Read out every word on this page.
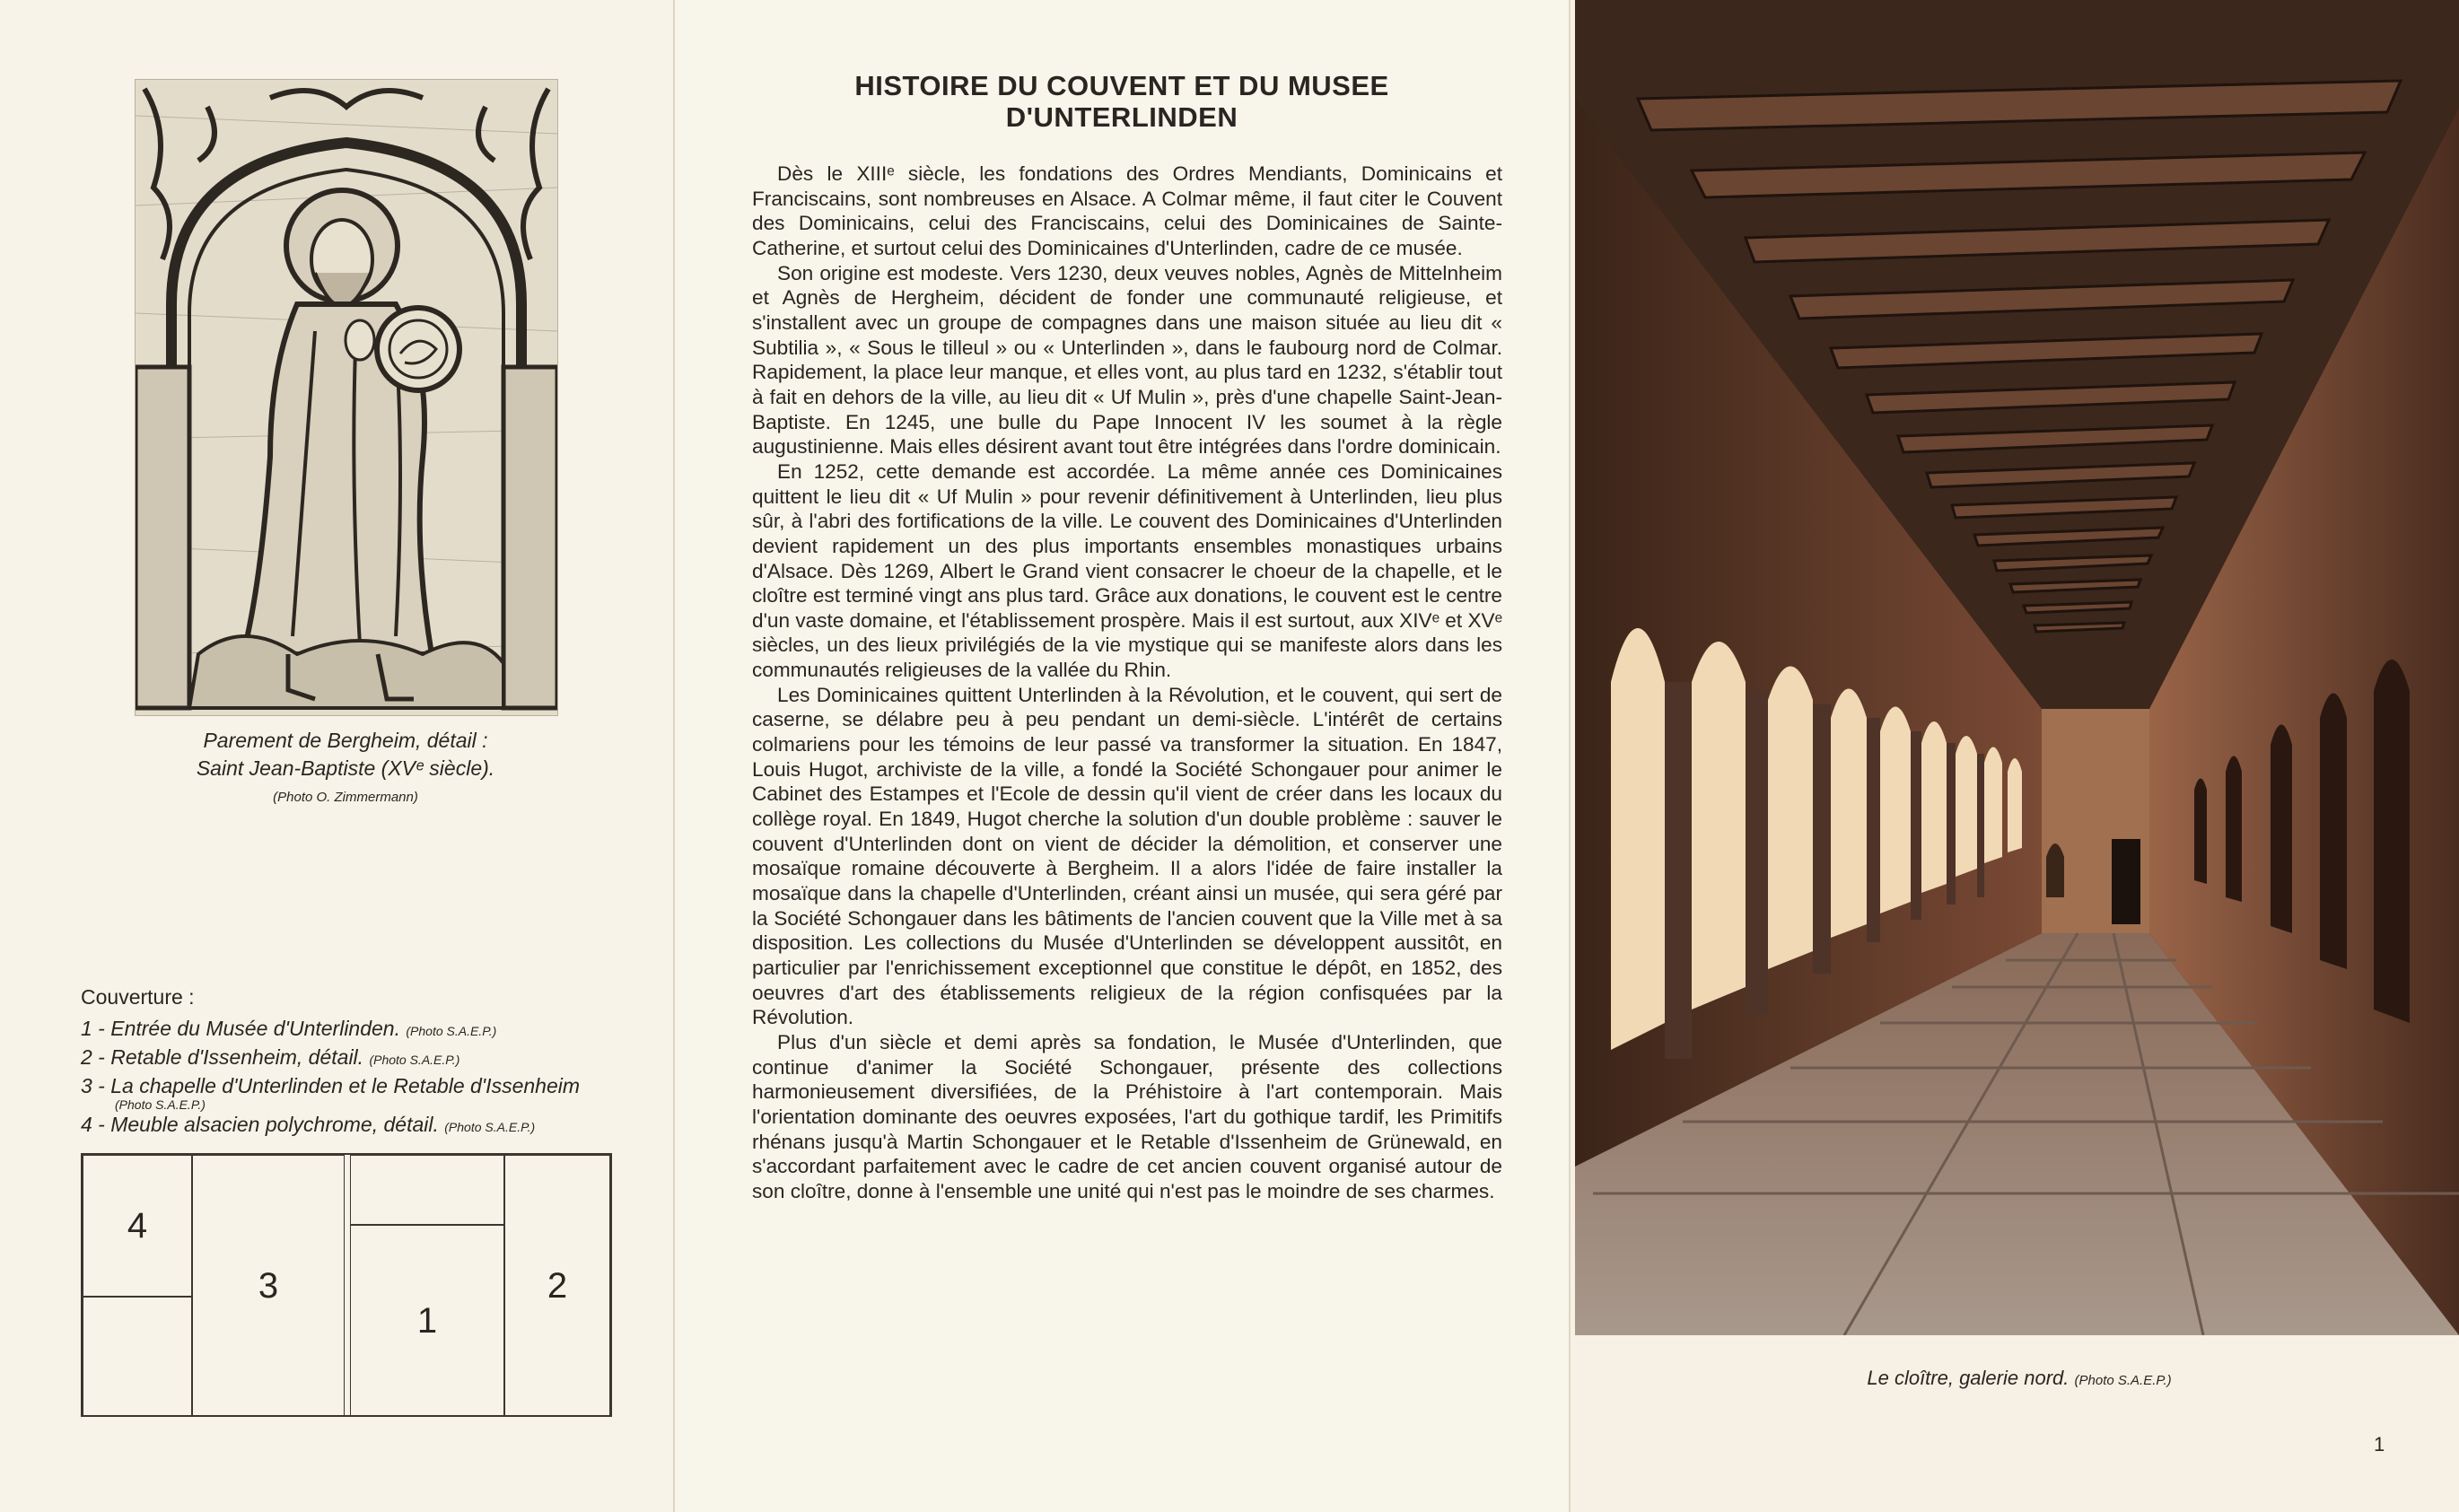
Parement de Bergheim, détail :
Saint Jean-Baptiste (XVᵉ siècle).
(Photo O. Zimmermann)
Couverture :
1 - Entrée du Musée d'Unterlinden. (Photo S.A.E.P.)
2 - Retable d'Issenheim, détail. (Photo S.A.E.P.)
3 - La chapelle d'Unterlinden et le Retable d'Issenheim
(Photo S.A.E.P.)
4 - Meuble alsacien polychrome, détail. (Photo S.A.E.P.)
4
3
1
2
HISTOIRE DU COUVENT ET DU MUSEE
D'UNTERLINDEN

Dès le XIIIᵉ siècle, les fondations des Ordres Mendiants, Dominicains et Franciscains, sont nombreuses en Alsace. A Colmar même, il faut citer le Couvent des Dominicains, celui des Franciscains, celui des Dominicaines de Sainte-Catherine, et surtout celui des Dominicaines d'Unterlinden, cadre de ce musée.

Son origine est modeste. Vers 1230, deux veuves nobles, Agnès de Mittelnheim et Agnès de Hergheim, décident de fonder une communauté religieuse, et s'installent avec un groupe de compagnes dans une maison située au lieu dit « Subtilia », « Sous le tilleul » ou « Unterlinden », dans le faubourg nord de Colmar. Rapidement, la place leur manque, et elles vont, au plus tard en 1232, s'établir tout à fait en dehors de la ville, au lieu dit « Uf Mulin », près d'une chapelle Saint-Jean-Baptiste. En 1245, une bulle du Pape Innocent IV les soumet à la règle augustinienne. Mais elles désirent avant tout être intégrées dans l'ordre dominicain.

En 1252, cette demande est accordée. La même année ces Dominicaines quittent le lieu dit « Uf Mulin » pour revenir définitivement à Unterlinden, lieu plus sûr, à l'abri des fortifications de la ville. Le couvent des Dominicaines d'Unterlinden devient rapidement un des plus importants ensembles monastiques urbains d'Alsace. Dès 1269, Albert le Grand vient consacrer le choeur de la chapelle, et le cloître est terminé vingt ans plus tard. Grâce aux donations, le couvent est le centre d'un vaste domaine, et l'établissement prospère. Mais il est surtout, aux XIVᵉ et XVᵉ siècles, un des lieux privilégiés de la vie mystique qui se manifeste alors dans les communautés religieuses de la vallée du Rhin.

Les Dominicaines quittent Unterlinden à la Révolution, et le couvent, qui sert de caserne, se délabre peu à peu pendant un demi-siècle. L'intérêt de certains colmariens pour les témoins de leur passé va transformer la situation. En 1847, Louis Hugot, archiviste de la ville, a fondé la Société Schongauer pour animer le Cabinet des Estampes et l'Ecole de dessin qu'il vient de créer dans les locaux du collège royal. En 1849, Hugot cherche la solution d'un double problème : sauver le couvent d'Unterlinden dont on vient de décider la démolition, et conserver une mosaïque romaine découverte à Bergheim. Il a alors l'idée de faire installer la mosaïque dans la chapelle d'Unterlinden, créant ainsi un musée, qui sera géré par la Société Schongauer dans les bâtiments de l'ancien couvent que la Ville met à sa disposition. Les collections du Musée d'Unterlinden se développent aussitôt, en particulier par l'enrichissement exceptionnel que constitue le dépôt, en 1852, des oeuvres d'art des établissements religieux de la région confisquées par la Révolution.

Plus d'un siècle et demi après sa fondation, le Musée d'Unterlinden, que continue d'animer la Société Schongauer, présente des collections harmonieusement diversifiées, de la Préhistoire à l'art contemporain. Mais l'orientation dominante des oeuvres exposées, l'art du gothique tardif, les Primitifs rhénans jusqu'à Martin Schongauer et le Retable d'Issenheim de Grünewald, en s'accordant parfaitement avec le cadre de cet ancien couvent organisé autour de son cloître, donne à l'ensemble une unité qui n'est pas le moindre de ses charmes.

Le cloître, galerie nord. (Photo S.A.E.P.)
1
